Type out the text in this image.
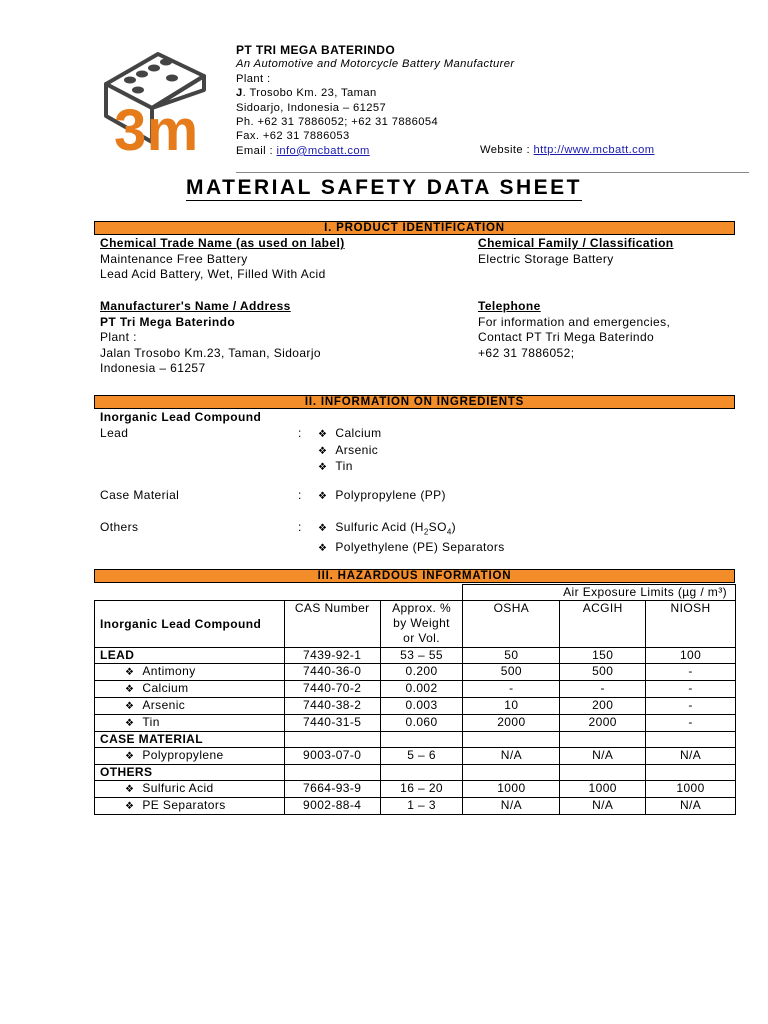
3m
PT TRI MEGA BATERINDO
An Automotive and Motorcycle Battery Manufacturer
Plant :
J. Trosobo Km. 23, Taman
Sidoarjo, Indonesia – 61257
Ph. +62 31 7886052; +62 31 7886054
Fax. +62 31 7886053
Email : info@mcbatt.com	Website : http://www.mcbatt.com
MATERIAL SAFETY DATA SHEET
I. PRODUCT IDENTIFICATION
Chemical Trade Name (as used on label)
Maintenance Free Battery
Lead Acid Battery, Wet, Filled With Acid
Chemical Family / Classification
Electric Storage Battery
Manufacturer's Name / Address
PT Tri Mega Baterindo
Plant :
Jalan Trosobo Km.23, Taman, Sidoarjo
Indonesia – 61257
Telephone
For information and emergencies,
Contact PT Tri Mega Baterindo
+62 31 7886052;
II. INFORMATION ON INGREDIENTS
Inorganic Lead Compound
Lead	: ❖ Calcium
❖ Arsenic
❖ Tin
Case Material	: ❖ Polypropylene (PP)
Others	: ❖ Sulfuric Acid $(H_2SO_4)$
❖ Polyethylene (PE) Separators
III. HAZARDOUS INFORMATION
			Air Exposure Limits (µg / m³)		
Inorganic Lead Compound	CAS Number	Approx. %
by Weight
or Vol.	OSHA	ACGIH	NIOSH
LEAD	7439-92-1	53 – 55	50	150	100
❖ Antimony	7440-36-0	0.200	500	500	-
❖ Calcium	7440-70-2	0.002	-	-	-
❖ Arsenic	7440-38-2	0.003	10	200	-
❖ Tin	7440-31-5	0.060	2000	2000	-
CASE MATERIAL					
❖ Polypropylene	9003-07-0	5 – 6	N/A	N/A	N/A
OTHERS					
❖ Sulfuric Acid	7664-93-9	16 – 20	1000	1000	1000
❖ PE Separators	9002-88-4	1 – 3	N/A	N/A	N/A
